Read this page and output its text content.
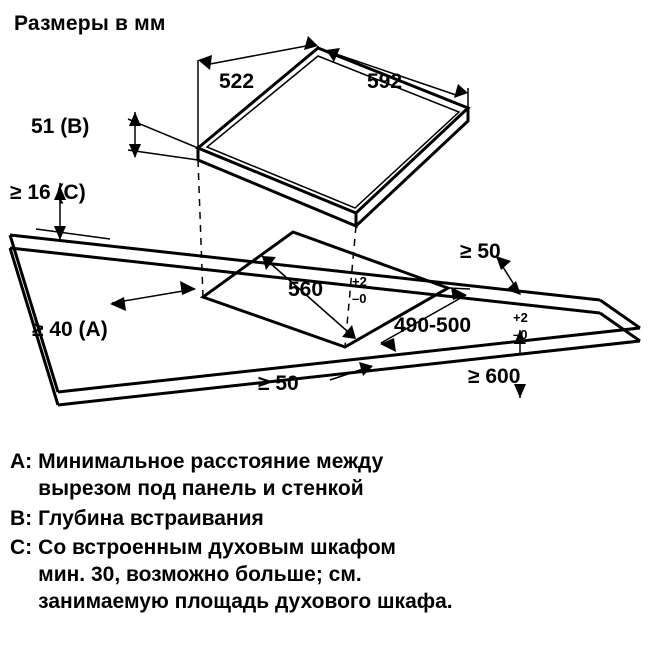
Размеры в мм
522	592
51 (B)
≥ 16 (C)
560 +2
–0
490-500	+2
–0
≥ 40 (A)
≥ 50
≥ 50	≥ 600
A: Минимальное расстояние между
вырезом под панель и стенкой
B: Глубина встраивания
C: Со встроенным духовым шкафом
мин. 30, возможно больше; см.
занимаемую площадь духового шкафа.
